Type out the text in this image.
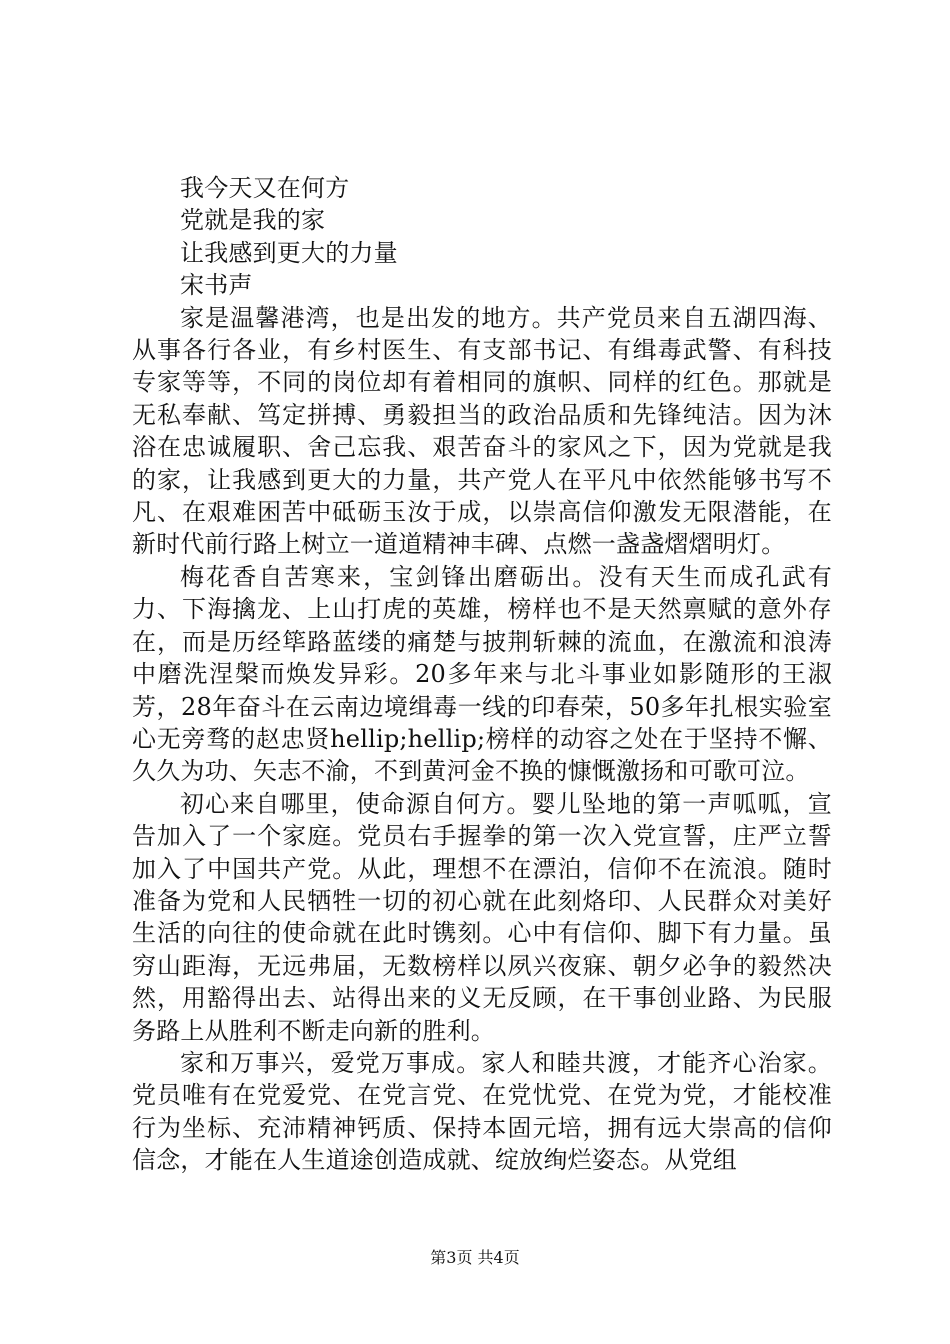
我今天又在何方

党就是我的家

让我感到更大的力量

宋书声

家是温馨港湾，也是出发的地方。共产党员来自五湖四海、从事各行各业，有乡村医生、有支部书记、有缉毒武警、有科技专家等等，不同的岗位却有着相同的旗帜、同样的红色。那就是无私奉献、笃定拼搏、勇毅担当的政治品质和先锋纯洁。因为沐浴在忠诚履职、舍己忘我、艰苦奋斗的家风之下，因为党就是我的家，让我感到更大的力量，共产党人在平凡中依然能够书写不凡、在艰难困苦中砥砺玉汝于成，以崇高信仰激发无限潜能，在新时代前行路上树立一道道精神丰碑、点燃一盏盏熠熠明灯。

梅花香自苦寒来，宝剑锋出磨砺出。没有天生而成孔武有力、下海擒龙、上山打虎的英雄，榜样也不是天然禀赋的意外存在，而是历经筚路蓝缕的痛楚与披荆斩棘的流血，在激流和浪涛中磨洗涅槃而焕发异彩。20多年来与北斗事业如影随形的王淑芳，28年奋斗在云南边境缉毒一线的印春荣，50多年扎根实验室心无旁骛的赵忠贤hellip;hellip;榜样的动容之处在于坚持不懈、久久为功、矢志不渝，不到黄河金不换的慷慨激扬和可歌可泣。

初心来自哪里，使命源自何方。婴儿坠地的第一声呱呱，宣告加入了一个家庭。党员右手握拳的第一次入党宣誓，庄严立誓加入了中国共产党。从此，理想不在漂泊，信仰不在流浪。随时准备为党和人民牺牲一切的初心就在此刻烙印、人民群众对美好生活的向往的使命就在此时镌刻。心中有信仰、脚下有力量。虽穷山距海，无远弗届，无数榜样以夙兴夜寐、朝夕必争的毅然决然，用豁得出去、站得出来的义无反顾，在干事创业路、为民服务路上从胜利不断走向新的胜利。

家和万事兴，爱党万事成。家人和睦共渡，才能齐心治家。党员唯有在党爱党、在党言党、在党忧党、在党为党，才能校准行为坐标、充沛精神钙质、保持本固元培，拥有远大崇高的信仰信念，才能在人生道途创造成就、绽放绚烂姿态。从党组

第3页 共4页
